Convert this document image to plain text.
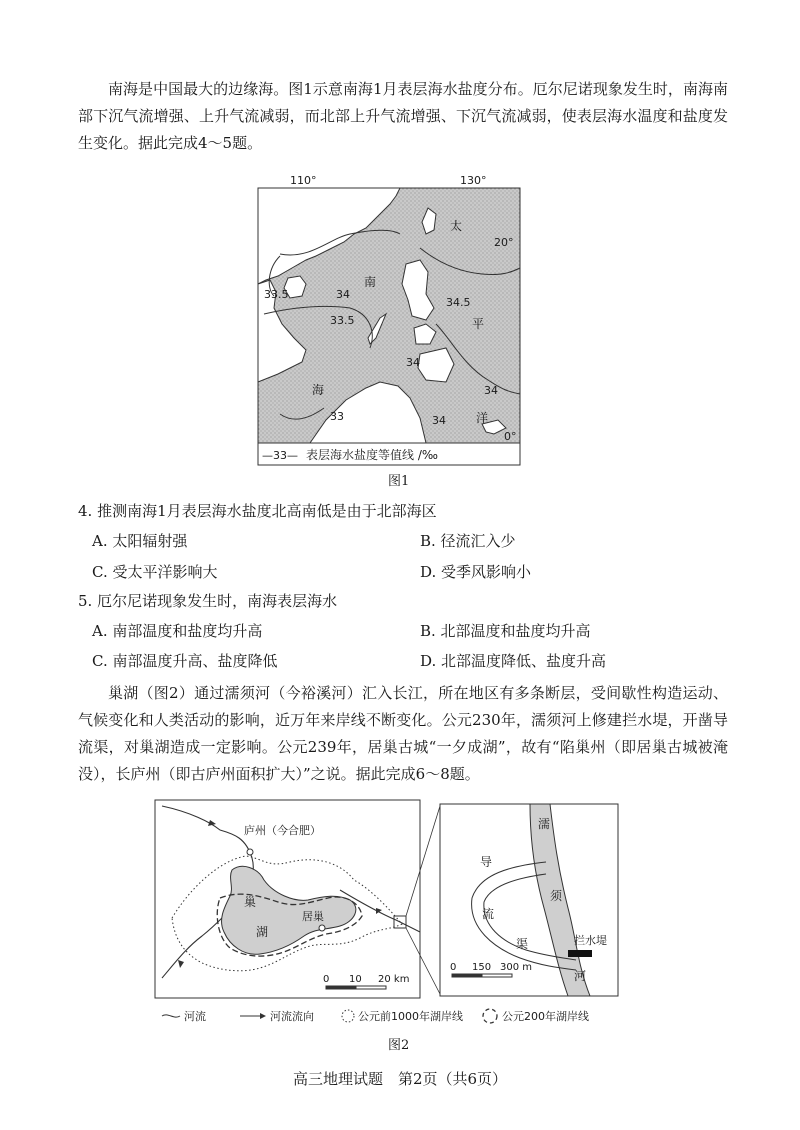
南海是中国最大的边缘海。图1示意南海1月表层海水盐度分布。厄尔尼诺现象发生时，南海南部下沉气流增强、上升气流减弱，而北部上升气流增强、下沉气流减弱，使表层海水温度和盐度发生变化。据此完成4～5题。
33.5	34
33.5
34.5
34
34
34
33
南
海
太
平
洋
110°	130°
20°
0°
—33— 表层海水盐度等值线 /‰
图1
4. 推测南海1月表层海水盐度北高南低是由于北部海区
A. 太阳辐射强	B. 径流汇入少
C. 受太平洋影响大	D. 受季风影响小
5. 厄尔尼诺现象发生时，南海表层海水
A. 南部温度和盐度均升高	B. 北部温度和盐度均升高
C. 南部温度升高、盐度降低	D. 北部温度降低、盐度升高
巢湖（图2）通过濡须河（今裕溪河）汇入长江，所在地区有多条断层，受间歇性构造运动、气候变化和人类活动的影响，近万年来岸线不断变化。公元230年，濡须河上修建拦水堤，开凿导流渠，对巢湖造成一定影响。公元239年，居巢古城“一夕成湖”，故有“陷巢州（即居巢古城被淹没），长庐州（即古庐州面积扩大）”之说。据此完成6～8题。
庐州（今合肥）
居巢
巢
湖
0 10 20 km
拦水堤
濡
须
河
导
流
渠
0 150 300 m
河流	河流流向	公元前1000年湖岸线	公元200年湖岸线
图2
高三地理试题　第2页（共6页）
